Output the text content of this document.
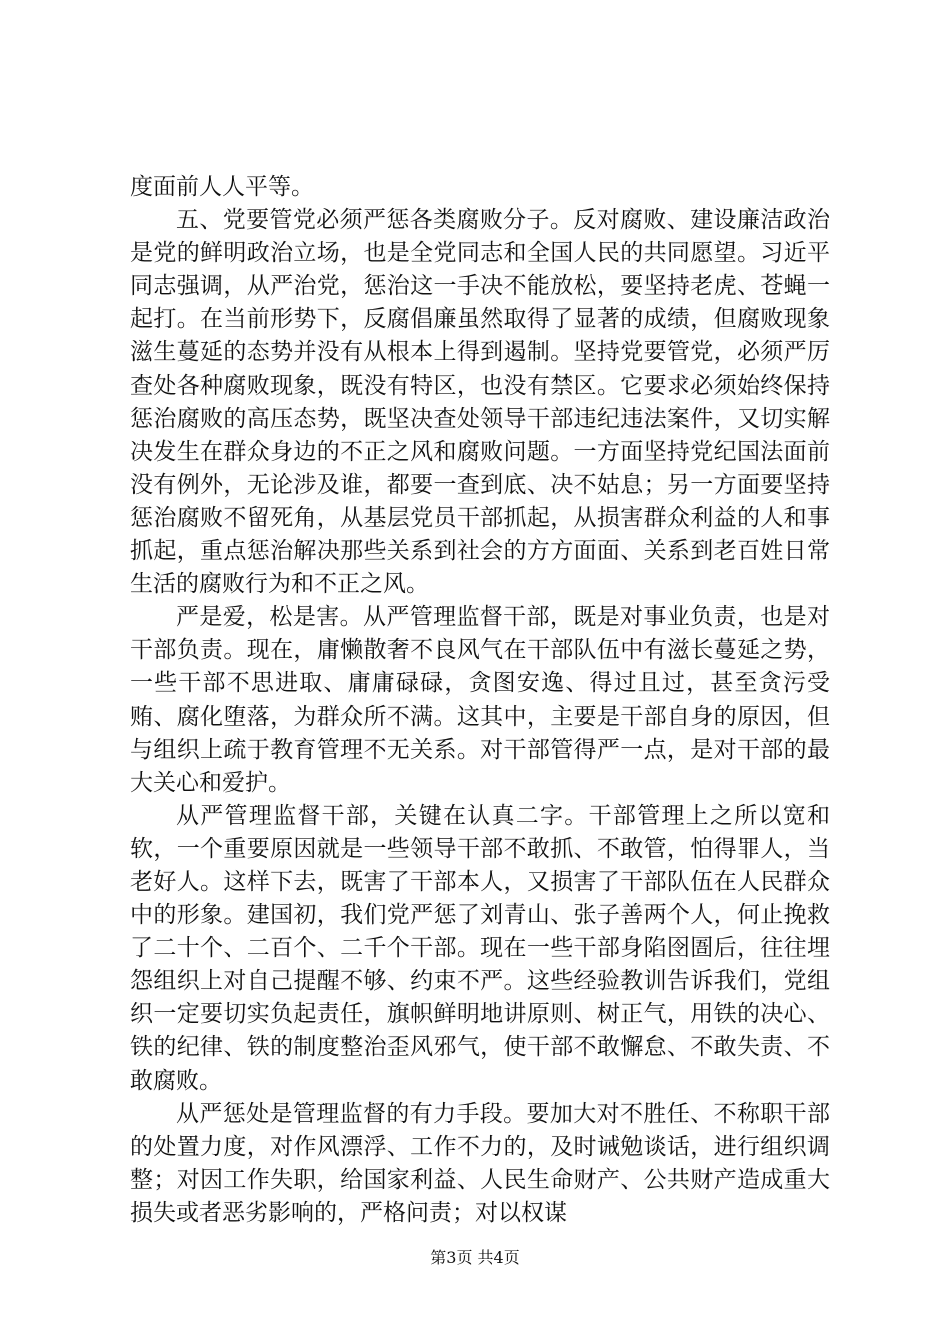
度面前人人平等。

五、党要管党必须严惩各类腐败分子。反对腐败、建设廉洁政治是党的鲜明政治立场，也是全党同志和全国人民的共同愿望。习近平同志强调，从严治党，惩治这一手决不能放松，要坚持老虎、苍蝇一起打。在当前形势下，反腐倡廉虽然取得了显著的成绩，但腐败现象滋生蔓延的态势并没有从根本上得到遏制。坚持党要管党，必须严厉查处各种腐败现象，既没有特区，也没有禁区。它要求必须始终保持惩治腐败的高压态势，既坚决查处领导干部违纪违法案件，又切实解决发生在群众身边的不正之风和腐败问题。一方面坚持党纪国法面前没有例外，无论涉及谁，都要一查到底、决不姑息；另一方面要坚持惩治腐败不留死角，从基层党员干部抓起，从损害群众利益的人和事抓起，重点惩治解决那些关系到社会的方方面面、关系到老百姓日常生活的腐败行为和不正之风。

严是爱，松是害。从严管理监督干部，既是对事业负责，也是对干部负责。现在，庸懒散奢不良风气在干部队伍中有滋长蔓延之势，一些干部不思进取、庸庸碌碌，贪图安逸、得过且过，甚至贪污受贿、腐化堕落，为群众所不满。这其中，主要是干部自身的原因，但与组织上疏于教育管理不无关系。对干部管得严一点，是对干部的最大关心和爱护。

从严管理监督干部，关键在认真二字。干部管理上之所以宽和软，一个重要原因就是一些领导干部不敢抓、不敢管，怕得罪人，当老好人。这样下去，既害了干部本人，又损害了干部队伍在人民群众中的形象。建国初，我们党严惩了刘青山、张子善两个人，何止挽救了二十个、二百个、二千个干部。现在一些干部身陷囹圄后，往往埋怨组织上对自己提醒不够、约束不严。这些经验教训告诉我们，党组织一定要切实负起责任，旗帜鲜明地讲原则、树正气，用铁的决心、铁的纪律、铁的制度整治歪风邪气，使干部不敢懈怠、不敢失责、不敢腐败。

从严惩处是管理监督的有力手段。要加大对不胜任、不称职干部的处置力度，对作风漂浮、工作不力的，及时诫勉谈话，进行组织调整；对因工作失职，给国家利益、人民生命财产、公共财产造成重大损失或者恶劣影响的，严格问责；对以权谋

第3页 共4页
